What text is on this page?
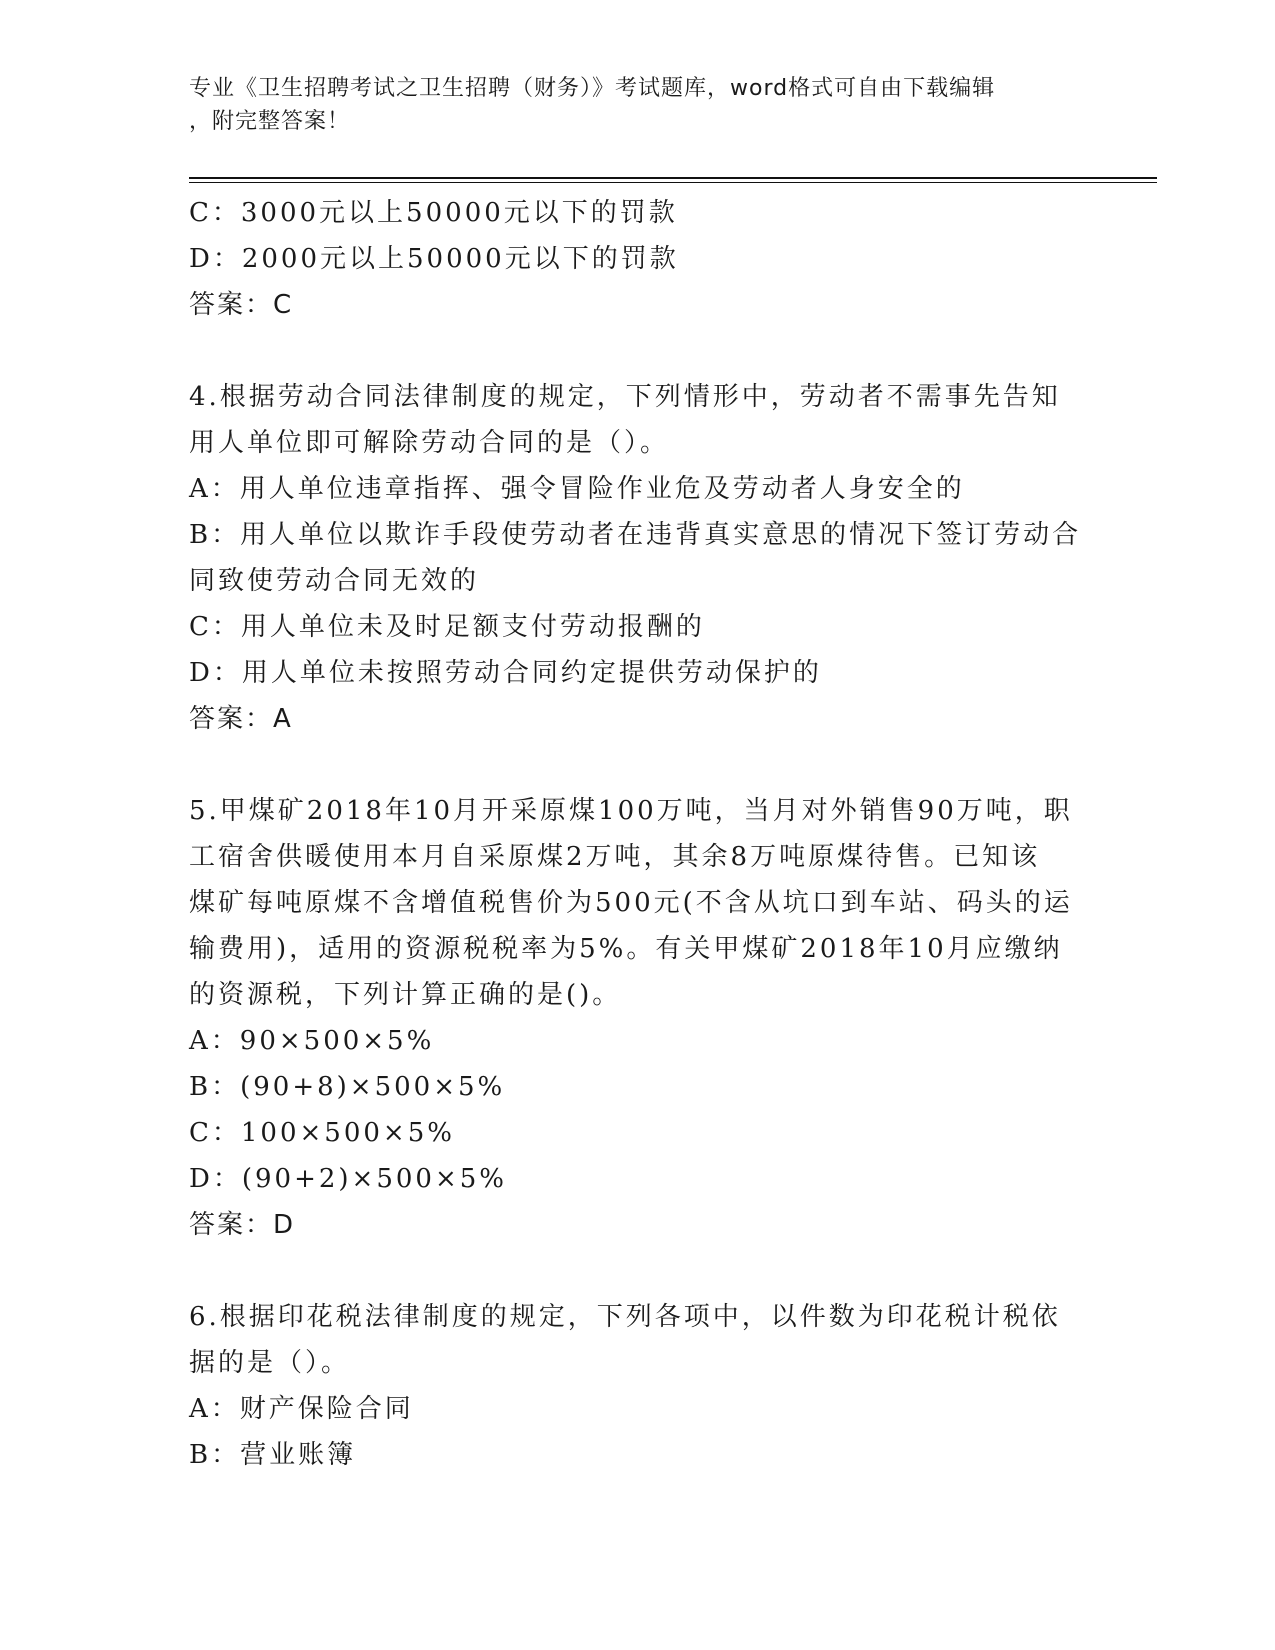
专业《卫生招聘考试之卫生招聘（财务）》考试题库，word格式可自由下载编辑
，附完整答案！
C：3000元以上50000元以下的罚款
D：2000元以上50000元以下的罚款
答案：C
4.根据劳动合同法律制度的规定，下列情形中，劳动者不需事先告知
用人单位即可解除劳动合同的是（）。
A：用人单位违章指挥、强令冒险作业危及劳动者人身安全的
B：用人单位以欺诈手段使劳动者在违背真实意思的情况下签订劳动合
同致使劳动合同无效的
C：用人单位未及时足额支付劳动报酬的
D：用人单位未按照劳动合同约定提供劳动保护的
答案：A
5.甲煤矿2018年10月开采原煤100万吨，当月对外销售90万吨，职
工宿舍供暖使用本月自采原煤2万吨，其余8万吨原煤待售。已知该
煤矿每吨原煤不含增值税售价为500元(不含从坑口到车站、码头的运
输费用)，适用的资源税税率为5%。有关甲煤矿2018年10月应缴纳
的资源税，下列计算正确的是()。
A：90×500×5%
B：(90+8)×500×5%
C：100×500×5%
D：(90+2)×500×5%
答案：D
6.根据印花税法律制度的规定，下列各项中，以件数为印花税计税依
据的是（）。
A：财产保险合同
B：营业账簿
